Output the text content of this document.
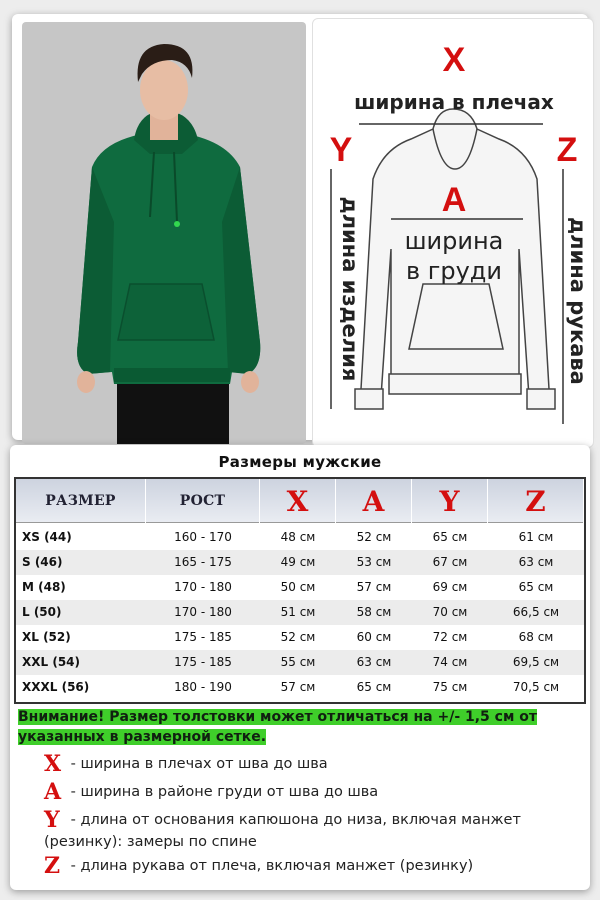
X
Y	Z
A
ширина в плечах
ширина
в груди
длина изделия	длина рукава
Размеры мужские
РАЗМЕР	РОСТ	X	A	Y	Z
XS (44)	160 - 170	48 см	52 см	65 см	61 см
S (46)	165 - 175	49 см	53 см	67 см	63 см
M (48)	170 - 180	50 см	57 см	69 см	65 см
L (50)	170 - 180	51 см	58 см	70 см	66,5 см
XL (52)	175 - 185	52 см	60 см	72 см	68 см
XXL (54)	175 - 185	55 см	63 см	74 см	69,5 см
XXXL (56)	180 - 190	57 см	65 см	75 см	70,5 см
Внимание! Размер толстовки может отличаться на +/- 1,5 см от
указанных в размерной сетке.
X - ширина в плечах от шва до шва
A - ширина в районе груди от шва до шва
Y - длина от основания капюшона до низа, включая манжет (резинку): замеры по спине
Z - длина рукава от плеча, включая манжет (резинку)
